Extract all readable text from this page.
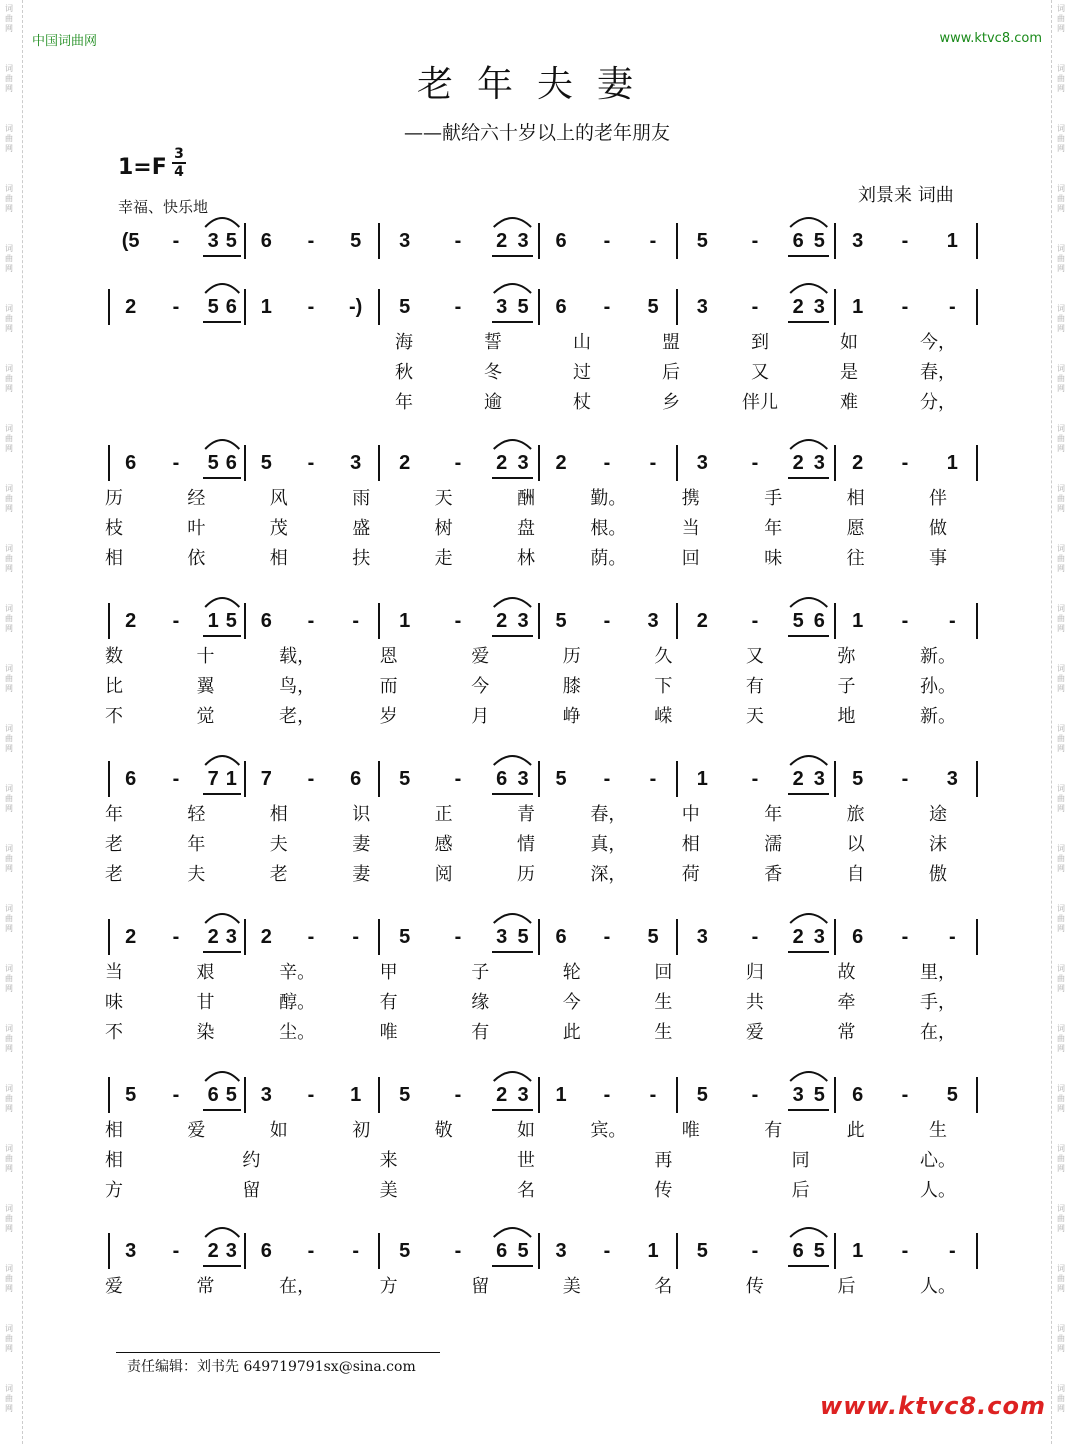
词曲网
词曲网
词曲网
词曲网
词曲网
词曲网
词曲网
词曲网
词曲网
词曲网
词曲网
词曲网
词曲网
词曲网
词曲网
词曲网
词曲网
词曲网
词曲网
词曲网
词曲网
词曲网
词曲网
词曲网
词曲网
词曲网
词曲网
词曲网
词曲网
词曲网
词曲网
词曲网
词曲网
词曲网
词曲网
词曲网
词曲网
词曲网
词曲网
词曲网
词曲网
词曲网
词曲网
词曲网
词曲网
词曲网
词曲网
词曲网
中国词曲网	www.ktvc8.com
老年夫妻
——献给六十岁以上的老年朋友
$1=F \frac{3}{4}$
幸福、快乐地
刘景来 词曲
(5 - 3 5 6 - 5 3 - 2 3 6 - - 5 - 6 5 3 - 1
2 - 5 6 1 - -) 5 - 3 5 6 - 5 3 - 2 3 1 - -
海	誓	山	盟	到	如	今，
秋	冬	过	后	又	是	春，
年	逾	杖	乡	伴儿	难	分，
6 - 5 6 5 - 3 2 - 2 3 2 - - 3 - 2 3 2 - 1
历	经	风	雨	天	酬	勤。	携	手	相	伴
枝	叶	茂	盛	树	盘	根。	当	年	愿	做
相	依	相	扶	走	林	荫。	回	味	往	事
2 - 1 5 6 - - 1 - 2 3 5 - 3 2 - 5 6 1 - -
数	十	载，	恩	爱	历	久	又	弥	新。
比	翼	鸟，	而	今	膝	下	有	子	孙。
不	觉	老，	岁	月	峥	嵘	天	地	新。
6 - 7 1 7 - 6 5 - 6 3 5 - - 1 - 2 3 5 - 3
年	轻	相	识	正	青	春，	中	年	旅	途
老	年	夫	妻	感	情	真，	相	濡	以	沫
老	夫	老	妻	阅	历	深，	荷	香	自	傲
2 - 2 3 2 - - 5 - 3 5 6 - 5 3 - 2 3 6 - -
当	艰	辛。	甲	子	轮	回	归	故	里，
味	甘	醇。	有	缘	今	生	共	牵	手，
不	染	尘。	唯	有	此	生	爱	常	在，
5 - 6 5 3 - 1 5 - 2 3 1 - - 5 - 3 5 6 - 5
相	爱	如	初	敬	如	宾。	唯	有	此	生
相	约	来	世	再	同	心。
方	留	美	名	传	后	人。
3 - 2 3 6 - - 5 - 6 5 3 - 1 5 - 6 5 1 - -
爱	常	在，	方	留	美	名	传	后	人。
责任编辑：刘书先 649719791sx@sina.com
www.ktvc8.com
